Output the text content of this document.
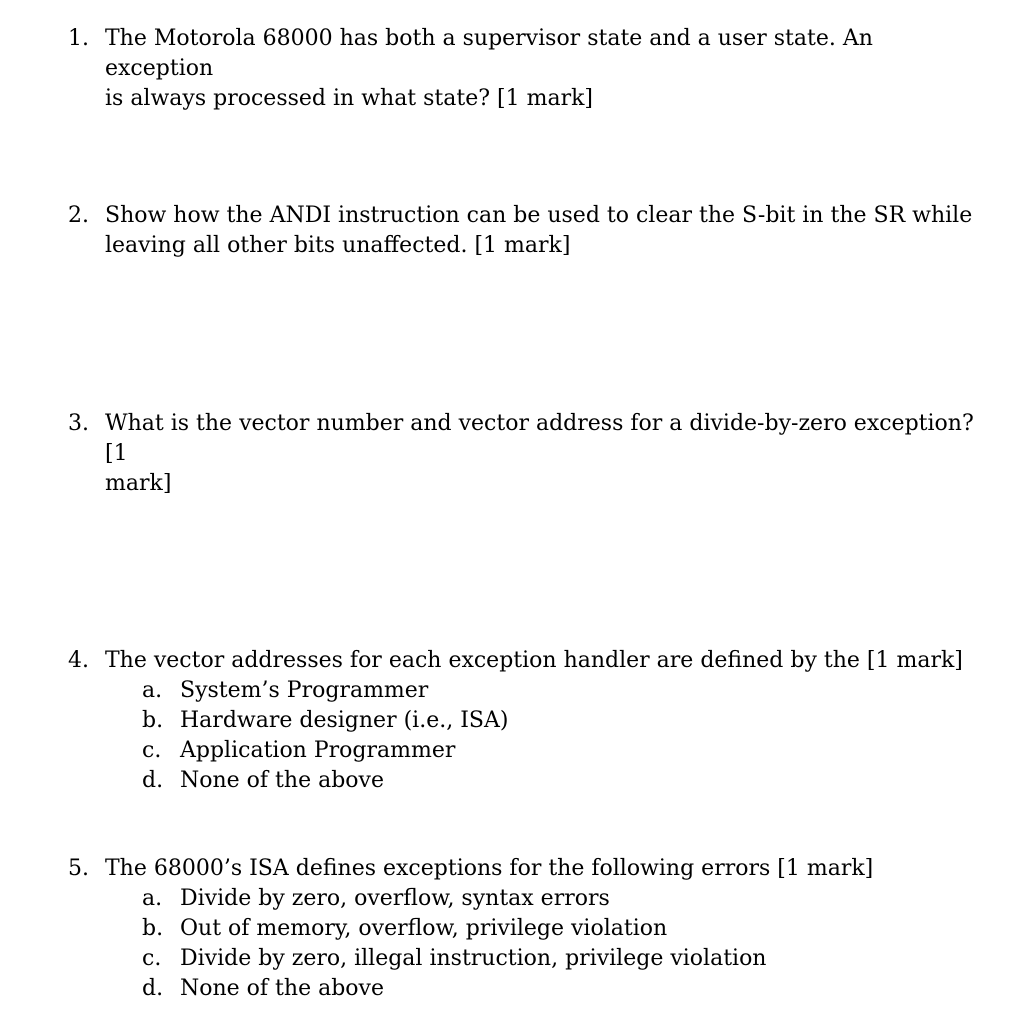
1. The Motorola 68000 has both a supervisor state and a user state. An exception
is always processed in what state? [1 mark]
2. Show how the ANDI instruction can be used to clear the S-bit in the SR while
leaving all other bits unaffected. [1 mark]
3. What is the vector number and vector address for a divide-by-zero exception? [1
mark]
4. The vector addresses for each exception handler are defined by the [1 mark]
a. System’s Programmer
b. Hardware designer (i.e., ISA)
c. Application Programmer
d. None of the above
5. The 68000’s ISA defines exceptions for the following errors [1 mark]
a. Divide by zero, overflow, syntax errors
b. Out of memory, overflow, privilege violation
c. Divide by zero, illegal instruction, privilege violation
d. None of the above
